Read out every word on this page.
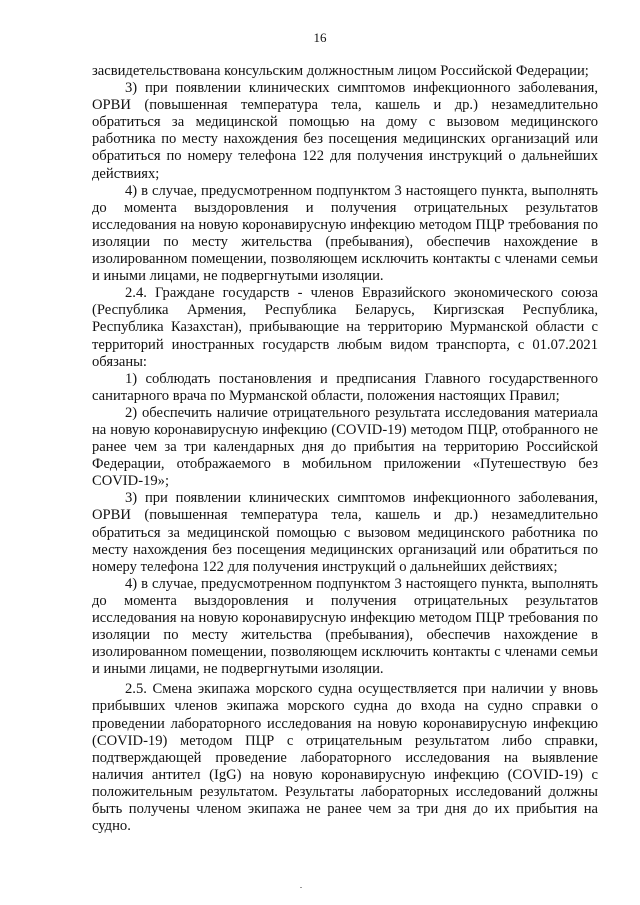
16

засвидетельствована консульским должностным лицом Российской Федерации;

3) при появлении клинических симптомов инфекционного заболевания, ОРВИ (повышенная температура тела, кашель и др.) незамедлительно обратиться за медицинской помощью на дому с вызовом медицинского работника по месту нахождения без посещения медицинских организаций или обратиться по номеру телефона 122 для получения инструкций о дальнейших действиях;

4) в случае, предусмотренном подпунктом 3 настоящего пункта, выполнять до момента выздоровления и получения отрицательных результатов исследования на новую коронавирусную инфекцию методом ПЦР требования по изоляции по месту жительства (пребывания), обеспечив нахождение в изолированном помещении, позволяющем исключить контакты с членами семьи и иными лицами, не подвергнутыми изоляции.

2.4. Граждане государств - членов Евразийского экономического союза (Республика Армения, Республика Беларусь, Киргизская Республика, Республика Казахстан), прибывающие на территорию Мурманской области с территорий иностранных государств любым видом транспорта, с 01.07.2021 обязаны:

1) соблюдать постановления и предписания Главного государственного санитарного врача по Мурманской области, положения настоящих Правил;

2) обеспечить наличие отрицательного результата исследования материала на новую коронавирусную инфекцию (COVID-19) методом ПЦР, отобранного не ранее чем за три календарных дня до прибытия на территорию Российской Федерации, отображаемого в мобильном приложении «Путешествую без COVID-19»;

3) при появлении клинических симптомов инфекционного заболевания, ОРВИ (повышенная температура тела, кашель и др.) незамедлительно обратиться за медицинской помощью с вызовом медицинского работника по месту нахождения без посещения медицинских организаций или обратиться по номеру телефона 122 для получения инструкций о дальнейших действиях;

4) в случае, предусмотренном подпунктом 3 настоящего пункта, выполнять до момента выздоровления и получения отрицательных результатов исследования на новую коронавирусную инфекцию методом ПЦР требования по изоляции по месту жительства (пребывания), обеспечив нахождение в изолированном помещении, позволяющем исключить контакты с членами семьи и иными лицами, не подвергнутыми изоляции.

2.5. Смена экипажа морского судна осуществляется при наличии у вновь прибывших членов экипажа морского судна до входа на судно справки о проведении лабораторного исследования на новую коронавирусную инфекцию (COVID-19) методом ПЦР с отрицательным результатом либо справки, подтверждающей проведение лабораторного исследования на выявление наличия антител (IgG) на новую коронавирусную инфекцию (COVID-19) с положительным результатом. Результаты лабораторных исследований должны быть получены членом экипажа не ранее чем за три дня до их прибытия на судно.
